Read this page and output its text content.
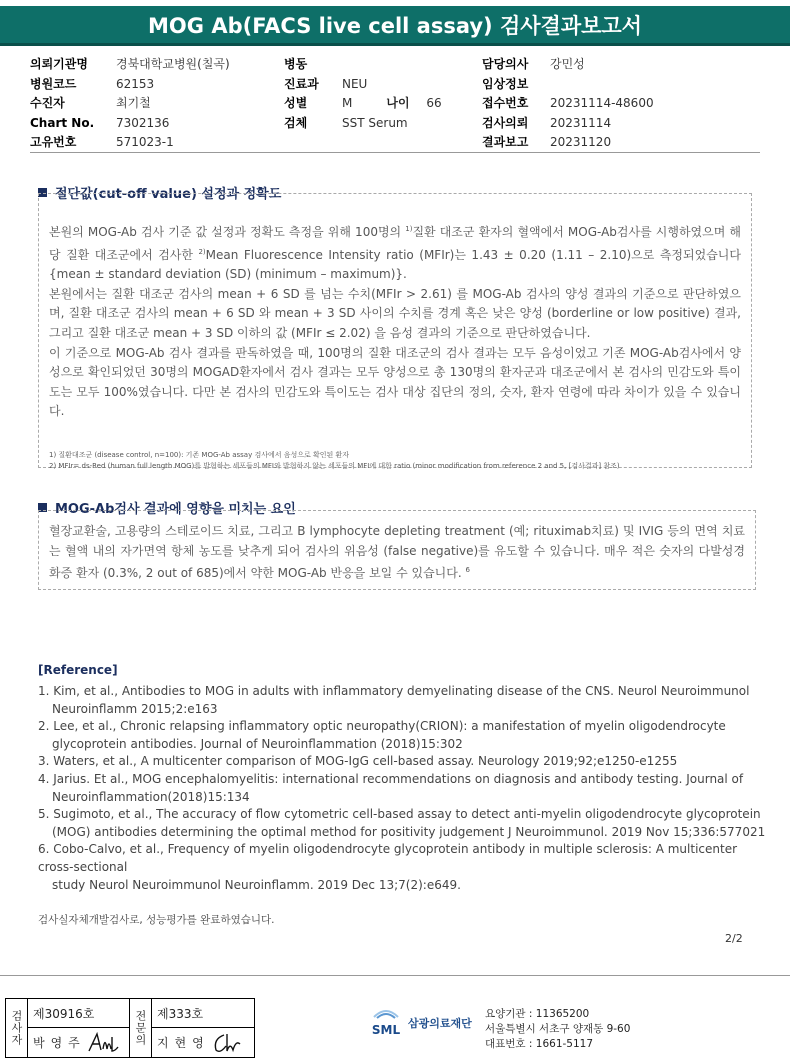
MOG Ab(FACS live cell assay) 검사결과보고서
의뢰기관명	경북대학교병원(칠곡)
병원코드	62153
수진자	최기철
Chart No.	7302136
고유번호	571023-1
병동
진료과	NEU
성별	M	나이	66
검체	SST Serum
담당의사	강민성
임상정보
접수번호	20231114-48600
검사의뢰	20231114
결과보고	20231120
절단값(cut-off value) 설정과 정확도
본원의 MOG-Ab 검사 기준 값 설정과 정확도 측정을 위해 100명의 $^{1)}$질환 대조군 환자의 혈액에서 MOG-Ab검사를 시행하였으며 해당 질환 대조군에서 검사한 $^{2)}$Mean Fluorescence Intensity ratio (MFIr)는 1.43 ± 0.20 (1.11 – 2.10)으로 측정되었습니다 {mean ± standard deviation (SD) (minimum – maximum)}.
본원에서는 질환 대조군 검사의 mean + 6 SD 를 넘는 수치(MFIr > 2.61) 를 MOG-Ab 검사의 양성 결과의 기준으로 판단하였으며, 질환 대조군 검사의 mean + 6 SD 와 mean + 3 SD 사이의 수치를 경계 혹은 낮은 양성 (borderline or low positive) 결과, 그리고 질환 대조군 mean + 3 SD 이하의 값 (MFIr ≤ 2.02) 을 음성 결과의 기준으로 판단하였습니다.
이 기준으로 MOG-Ab 검사 결과를 판독하였을 때, 100명의 질환 대조군의 검사 결과는 모두 음성이었고 기존 MOG-Ab검사에서 양성으로 확인되었던 30명의 MOGAD환자에서 검사 결과는 모두 양성으로 총 130명의 환자군과 대조군에서 본 검사의 민감도와 특이도는 모두 100%였습니다. 다만 본 검사의 민감도와 특이도는 검사 대상 집단의 정의, 숫자, 환자 연령에 따라 차이가 있을 수 있습니다.
1) 질환대조군 (disease control, n=100): 기존 MOG-Ab assay 검사에서 음성으로 확인된 환자
2) MFIr= ds-Red (human full length MOG)를 발현하는 세포들의 MFI와 발현하지 않는 세포들의 MFI에 대한 ratio (minor modification from reference 2 and 5, [검사결과] 참조)
MOG-Ab검사 결과에 영향을 미치는 요인
혈장교환술, 고용량의 스테로이드 치료, 그리고 B lymphocyte depleting treatment (예; rituximab치료) 및 IVIG 등의 면역 치료는 혈액 내의 자가면역 항체 농도를 낮추게 되어 검사의 위음성 (false negative)를 유도할 수 있습니다. 매우 적은 숫자의 다발성경화증 환자 (0.3%, 2 out of 685)에서 약한 MOG-Ab 반응을 보일 수 있습니다. $^6$
[Reference]
1. Kim, et al., Antibodies to MOG in adults with inflammatory demyelinating disease of the CNS. Neurol Neuroimmunol Neuroinflamm 2015;2:e163
2. Lee, et al., Chronic relapsing inflammatory optic neuropathy(CRION): a manifestation of myelin oligodendrocyte glycoprotein antibodies. Journal of Neuroinflammation (2018)15:302
3. Waters, et al., A multicenter comparison of MOG-IgG cell-based assay. Neurology 2019;92;e1250-e1255
4. Jarius. Et al., MOG encephalomyelitis: international recommendations on diagnosis and antibody testing. Journal of Neuroinflammation(2018)15:134
5. Sugimoto, et al., The accuracy of flow cytometric cell-based assay to detect anti-myelin oligodendrocyte glycoprotein (MOG) antibodies determining the optimal method for positivity judgement J Neuroimmunol. 2019 Nov 15;336:577021
6. Cobo-Calvo, et al., Frequency of myelin oligodendrocyte glycoprotein antibody in multiple sclerosis: A multicenter cross-sectional
study Neurol Neuroimmunol Neuroinflamm. 2019 Dec 13;7(2):e649.
검사실자체개발검사로, 성능평가를 완료하였습니다.
2/2
검사자 제30916호
박영주	전문의 제333호
지현영
SML 삼광의료재단
요양기관 : 11365200
서울특별시 서초구 양재동 9-60
대표번호 : 1661-5117
